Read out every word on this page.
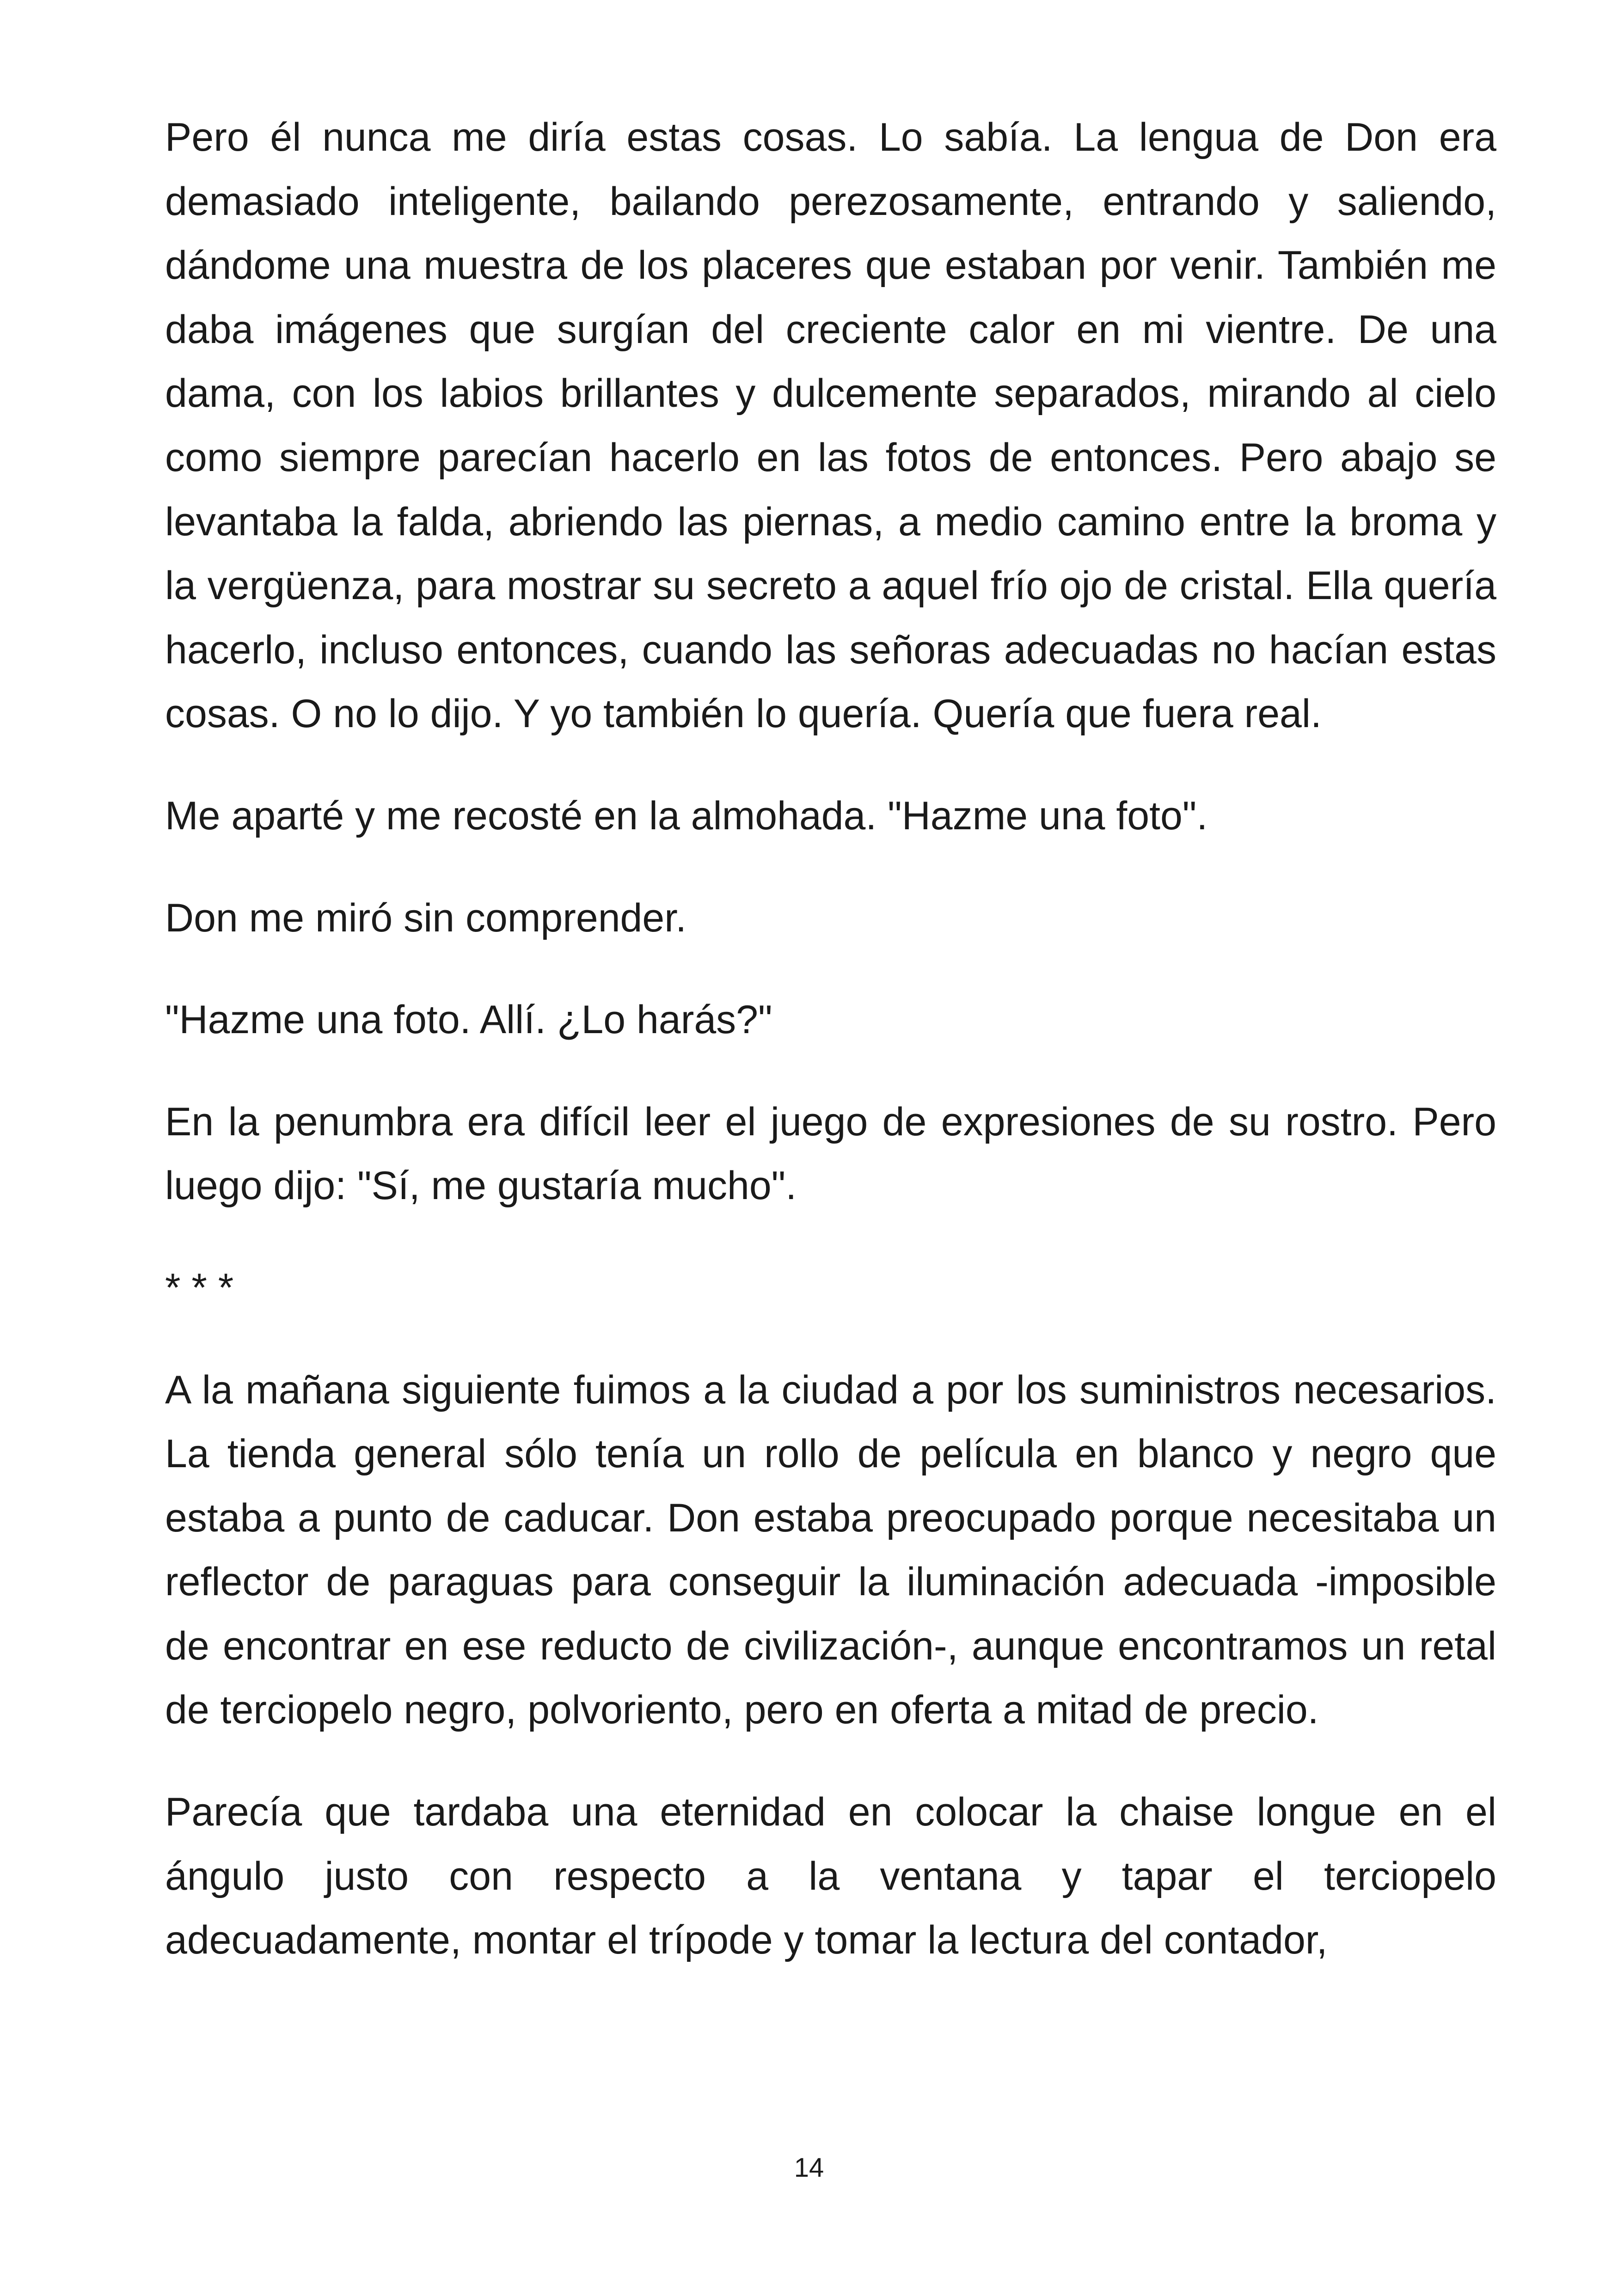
Pero él nunca me diría estas cosas. Lo sabía. La lengua de Don era demasiado inteligente, bailando perezosamente, entrando y saliendo, dándome una muestra de los placeres que estaban por venir. También me daba imágenes que surgían del creciente calor en mi vientre. De una dama, con los labios brillantes y dulcemente separados, mirando al cielo como siempre parecían hacerlo en las fotos de entonces. Pero abajo se levantaba la falda, abriendo las piernas, a medio camino entre la broma y la vergüenza, para mostrar su secreto a aquel frío ojo de cristal. Ella quería hacerlo, incluso entonces, cuando las señoras adecuadas no hacían estas cosas. O no lo dijo. Y yo también lo quería. Quería que fuera real.

Me aparté y me recosté en la almohada. "Hazme una foto".

Don me miró sin comprender.

"Hazme una foto. Allí. ¿Lo harás?"

En la penumbra era difícil leer el juego de expresiones de su rostro. Pero luego dijo: "Sí, me gustaría mucho".

* * *

A la mañana siguiente fuimos a la ciudad a por los suministros necesarios. La tienda general sólo tenía un rollo de película en blanco y negro que estaba a punto de caducar. Don estaba preocupado porque necesitaba un reflector de paraguas para conseguir la iluminación adecuada -imposible de encontrar en ese reducto de civilización-, aunque encontramos un retal de terciopelo negro, polvoriento, pero en oferta a mitad de precio.

Parecía que tardaba una eternidad en colocar la chaise longue en el ángulo justo con respecto a la ventana y tapar el terciopelo adecuadamente, montar el trípode y tomar la lectura del contador,

14
